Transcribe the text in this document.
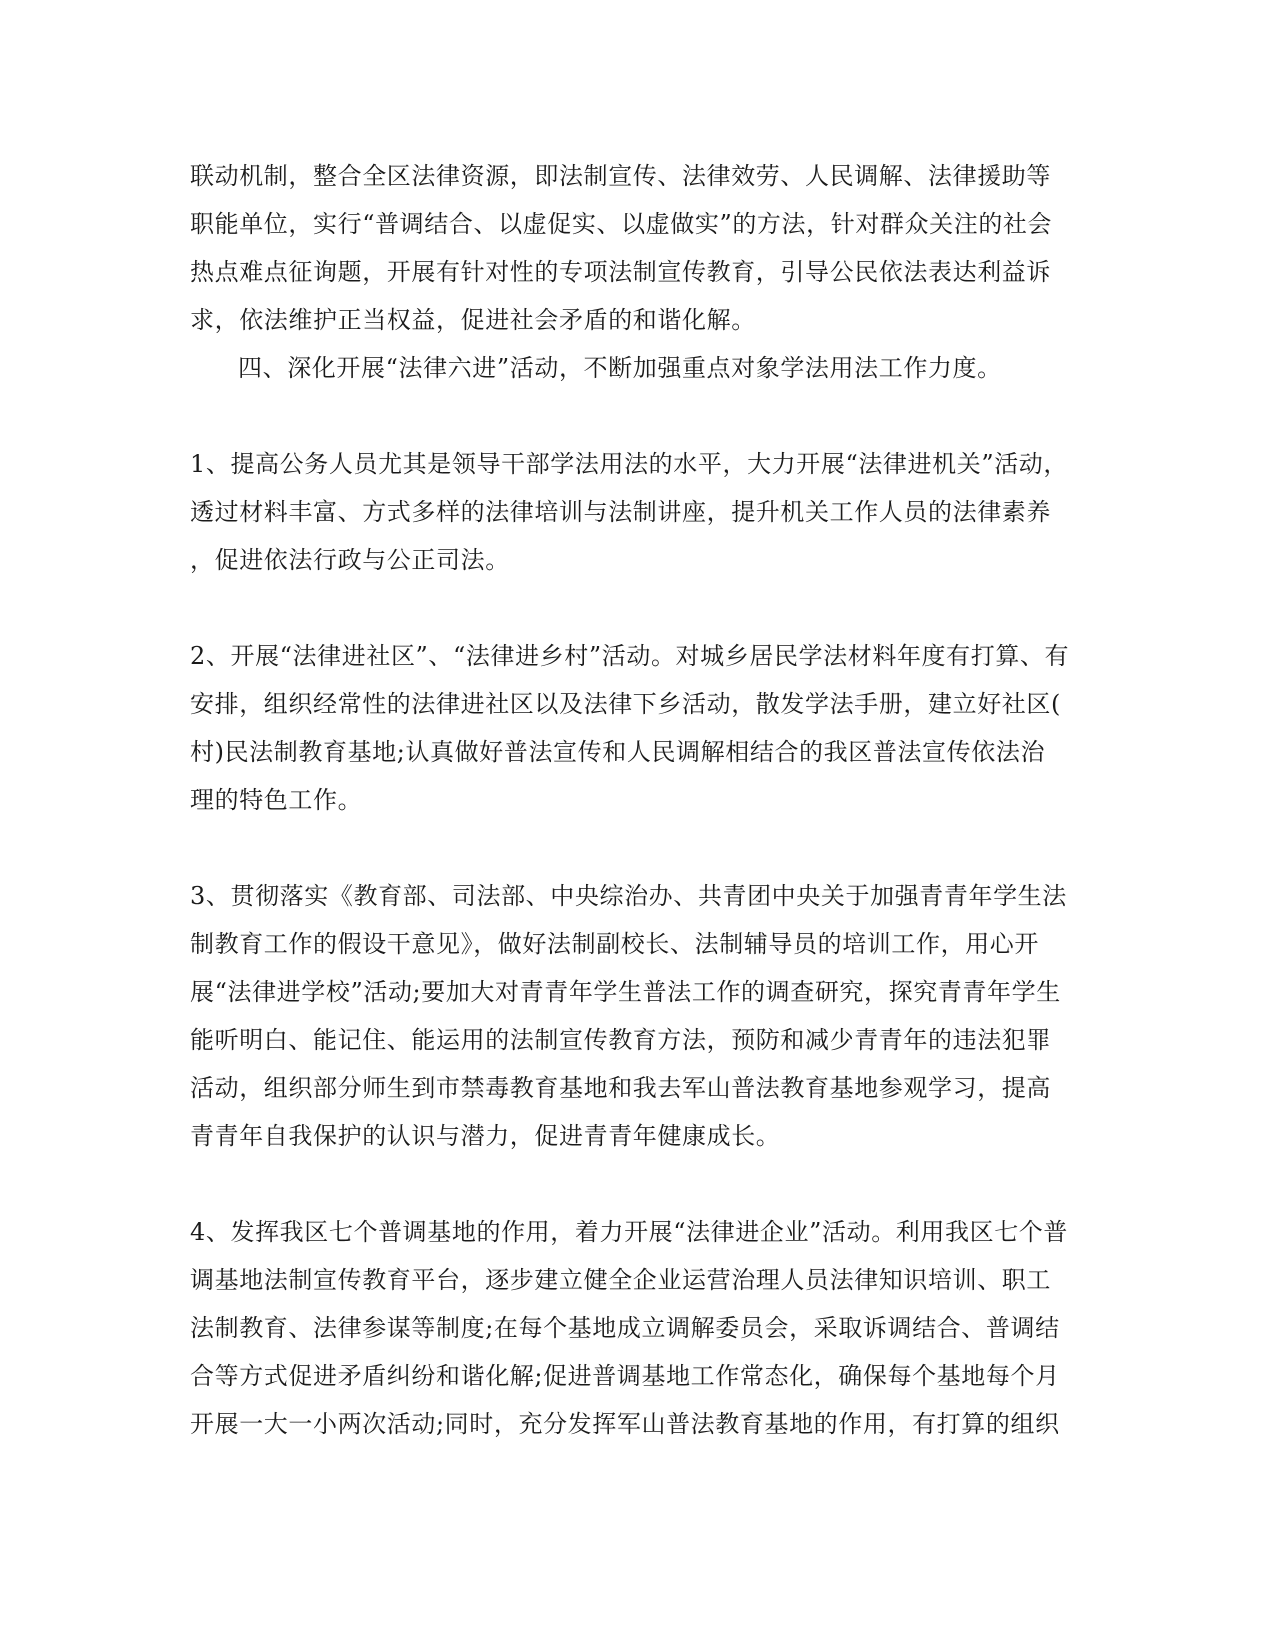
联动机制，整合全区法律资源，即法制宣传、法律效劳、人民调解、法律援助等
职能单位，实行“普调结合、以虚促实、以虚做实”的方法，针对群众关注的社会
热点难点征询题，开展有针对性的专项法制宣传教育，引导公民依法表达利益诉
求，依法维护正当权益，促进社会矛盾的和谐化解。
四、深化开展“法律六进”活动，不断加强重点对象学法用法工作力度。
1、提高公务人员尤其是领导干部学法用法的水平，大力开展“法律进机关”活动，
透过材料丰富、方式多样的法律培训与法制讲座，提升机关工作人员的法律素养
，促进依法行政与公正司法。
2、开展“法律进社区”、“法律进乡村”活动。对城乡居民学法材料年度有打算、有
安排，组织经常性的法律进社区以及法律下乡活动，散发学法手册，建立好社区(
村)民法制教育基地;认真做好普法宣传和人民调解相结合的我区普法宣传依法治
理的特色工作。
3、贯彻落实《教育部、司法部、中央综治办、共青团中央关于加强青青年学生法
制教育工作的假设干意见》，做好法制副校长、法制辅导员的培训工作，用心开
展“法律进学校”活动;要加大对青青年学生普法工作的调查研究，探究青青年学生
能听明白、能记住、能运用的法制宣传教育方法，预防和减少青青年的违法犯罪
活动，组织部分师生到市禁毒教育基地和我去军山普法教育基地参观学习，提高
青青年自我保护的认识与潜力，促进青青年健康成长。
4、发挥我区七个普调基地的作用，着力开展“法律进企业”活动。利用我区七个普
调基地法制宣传教育平台，逐步建立健全企业运营治理人员法律知识培训、职工
法制教育、法律参谋等制度;在每个基地成立调解委员会，采取诉调结合、普调结
合等方式促进矛盾纠纷和谐化解;促进普调基地工作常态化，确保每个基地每个月
开展一大一小两次活动;同时，充分发挥军山普法教育基地的作用，有打算的组织
